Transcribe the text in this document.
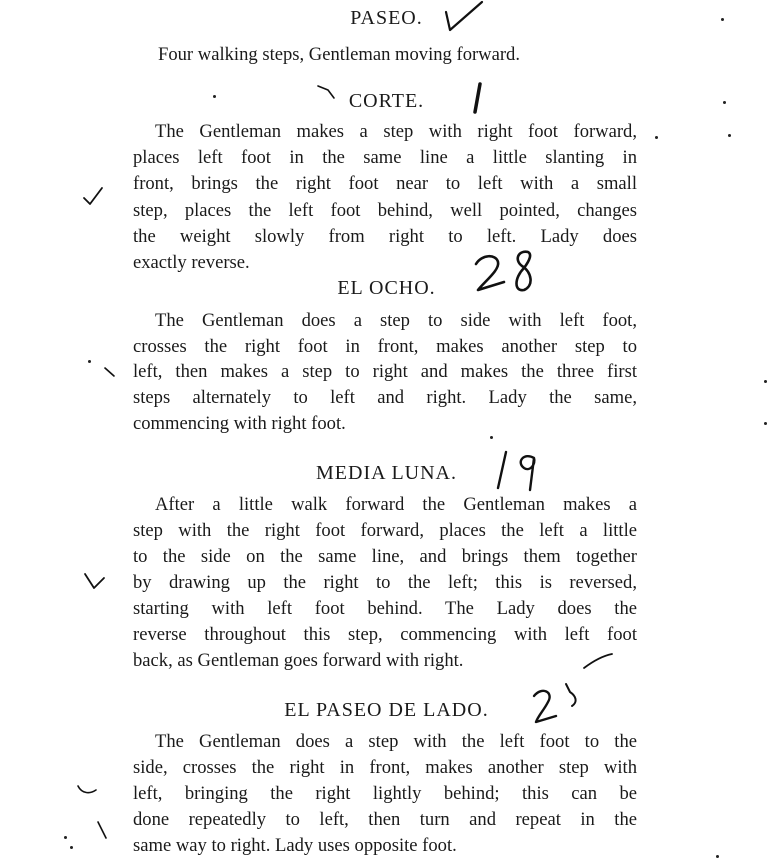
PASEO.
Four walking steps, Gentleman moving forward.
CORTE.
The Gentleman makes a step with right foot forward,
places left foot in the same line a little slanting in
front, brings the right foot near to left with a small
step, places the left foot behind, well pointed, changes
the weight slowly from right to left. Lady does
exactly reverse.
EL OCHO.
The Gentleman does a step to side with left foot,
crosses the right foot in front, makes another step to
left, then makes a step to right and makes the three first
steps alternately to left and right. Lady the same,
commencing with right foot.
MEDIA LUNA.
After a little walk forward the Gentleman makes a
step with the right foot forward, places the left a little
to the side on the same line, and brings them together
by drawing up the right to the left; this is reversed,
starting with left foot behind. The Lady does the
reverse throughout this step, commencing with left foot
back, as Gentleman goes forward with right.
EL PASEO DE LADO.
The Gentleman does a step with the left foot to the
side, crosses the right in front, makes another step with
left, bringing the right lightly behind; this can be
done repeatedly to left, then turn and repeat in the
same way to right. Lady uses opposite foot.
